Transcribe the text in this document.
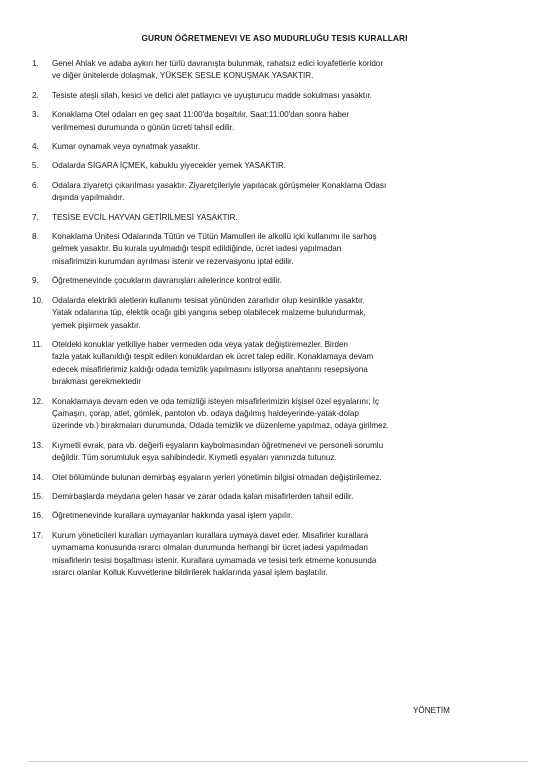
GURUN ÖĞRETMENEVI VE ASO MUDURLUĞU TESIS KURALLARI
1.	Genel Ahlak ve adaba aykırı her türlü davranışta bulunmak, rahatsız edici kıyafetlerle koridor
ve diğer ünitelerde dolaşmak, YÜKSEK SESLE KONUŞMAK YASAKTIR.
2.	Tesiste ateşli silah, kesici ve delici alet patlayıcı ve uyuşturucu madde sokulması yasaktır.
3.	Konaklama Otel odaları en geç saat 11:00'da boşaltılır. Saat:11:00'dan sonra haber
verilmemesi durumunda o günün ücreti tahsil edilir.
4.	Kumar oynamak veya oynatmak yasaktır.
5.	Odalarda SİGARA İÇMEK, kabuklu yiyecekler yemek YASAKTIR.
6.	Odalara ziyaretçi çıkarılması yasaktır. Ziyaretçileriyle yapılacak görüşmeler Konaklama Odası
dışında yapılmalıdır.
7.	TESİSE EVCİL HAYVAN GETİRİLMESİ YASAKTIR.
8.	Konaklama Ünitesi Odalarında Tütün ve Tütün Mamulleri ile alkollü içki kullanımı ile sarhoş
gelmek yasaktır. Bu kurala uyulmadığı tespit edildiğinde, ücret iadesi yapılmadan
misafirimizin kurumdan ayrılması istenir ve rezervasyonu iptal edilir.
9.	Öğretmenevinde çocukların davranışları ailelerince kontrol edilir.
10.	Odalarda elektrikli aletlerin kullanımı tesisat yönünden zararlıdır olup kesinlikle yasaktır.
Yatak odalarına tüp, elektik ocağı gibi yangına sebep olabilecek malzeme bulundurmak,
yemek pişirmek yasaktır.
11.	Oteldeki konuklar yetkiliye haber vermeden oda veya yatak değiştiremezler. Birden
fazla yatak kullanıldığı tespit edilen konuklardan ek ücret talep edilir. Konaklamaya devam
edecek misafirlerimiz kaldığı odada temizlik yapılmasını istiyorsa anahtarını resepsiyona
bırakması gerekmektedir
12.	Konaklamaya devam eden ve oda temizliği isteyen misafirlerimizin kişisel özel eşyalarını; İç
Çamaşırı, çorap, atlet, gömlek, pantolon vb. odaya dağılmış haldeyerinde-yatak-dolap
üzerinde vb.) bırakmaları durumunda, Odada temizlik ve düzenleme yapılmaz, odaya girilmez.
13.	Kıymetli evrak, para vb. değerli eşyaların kaybolmasından öğretmenevi ve personeli sorumlu
değildir. Tüm sorumluluk eşya sahibindedir. Kıymetli eşyaları yanınızda tutunuz.
14.	Otel bölümünde bulunan demirbaş eşyaların yerleri yönetimin bilgisi olmadan değiştirilemez.
15.	Demirbaşlarda meydana gelen hasar ve zarar odada kalan misafirlerden tahsil edilir.
16.	Öğretmenevinde kurallara uymayanlar hakkında yasal işlem yapılır.
17.	Kurum yöneticileri kuralları uymayanları kurallara uymaya davet eder. Misafirler kurallara
uymamama konusunda ısrarcı olmaları durumunda herhangi bir ücret iadesi yapılmadan
misafirlerin tesisi boşaltması istenir. Kurallara uymamada ve tesisi terk etmeme konusunda
ısrarcı olanlar Kolluk Kuvvetlerine bildirilerek haklarında yasal işlem başlatılır.
YÖNETİM
